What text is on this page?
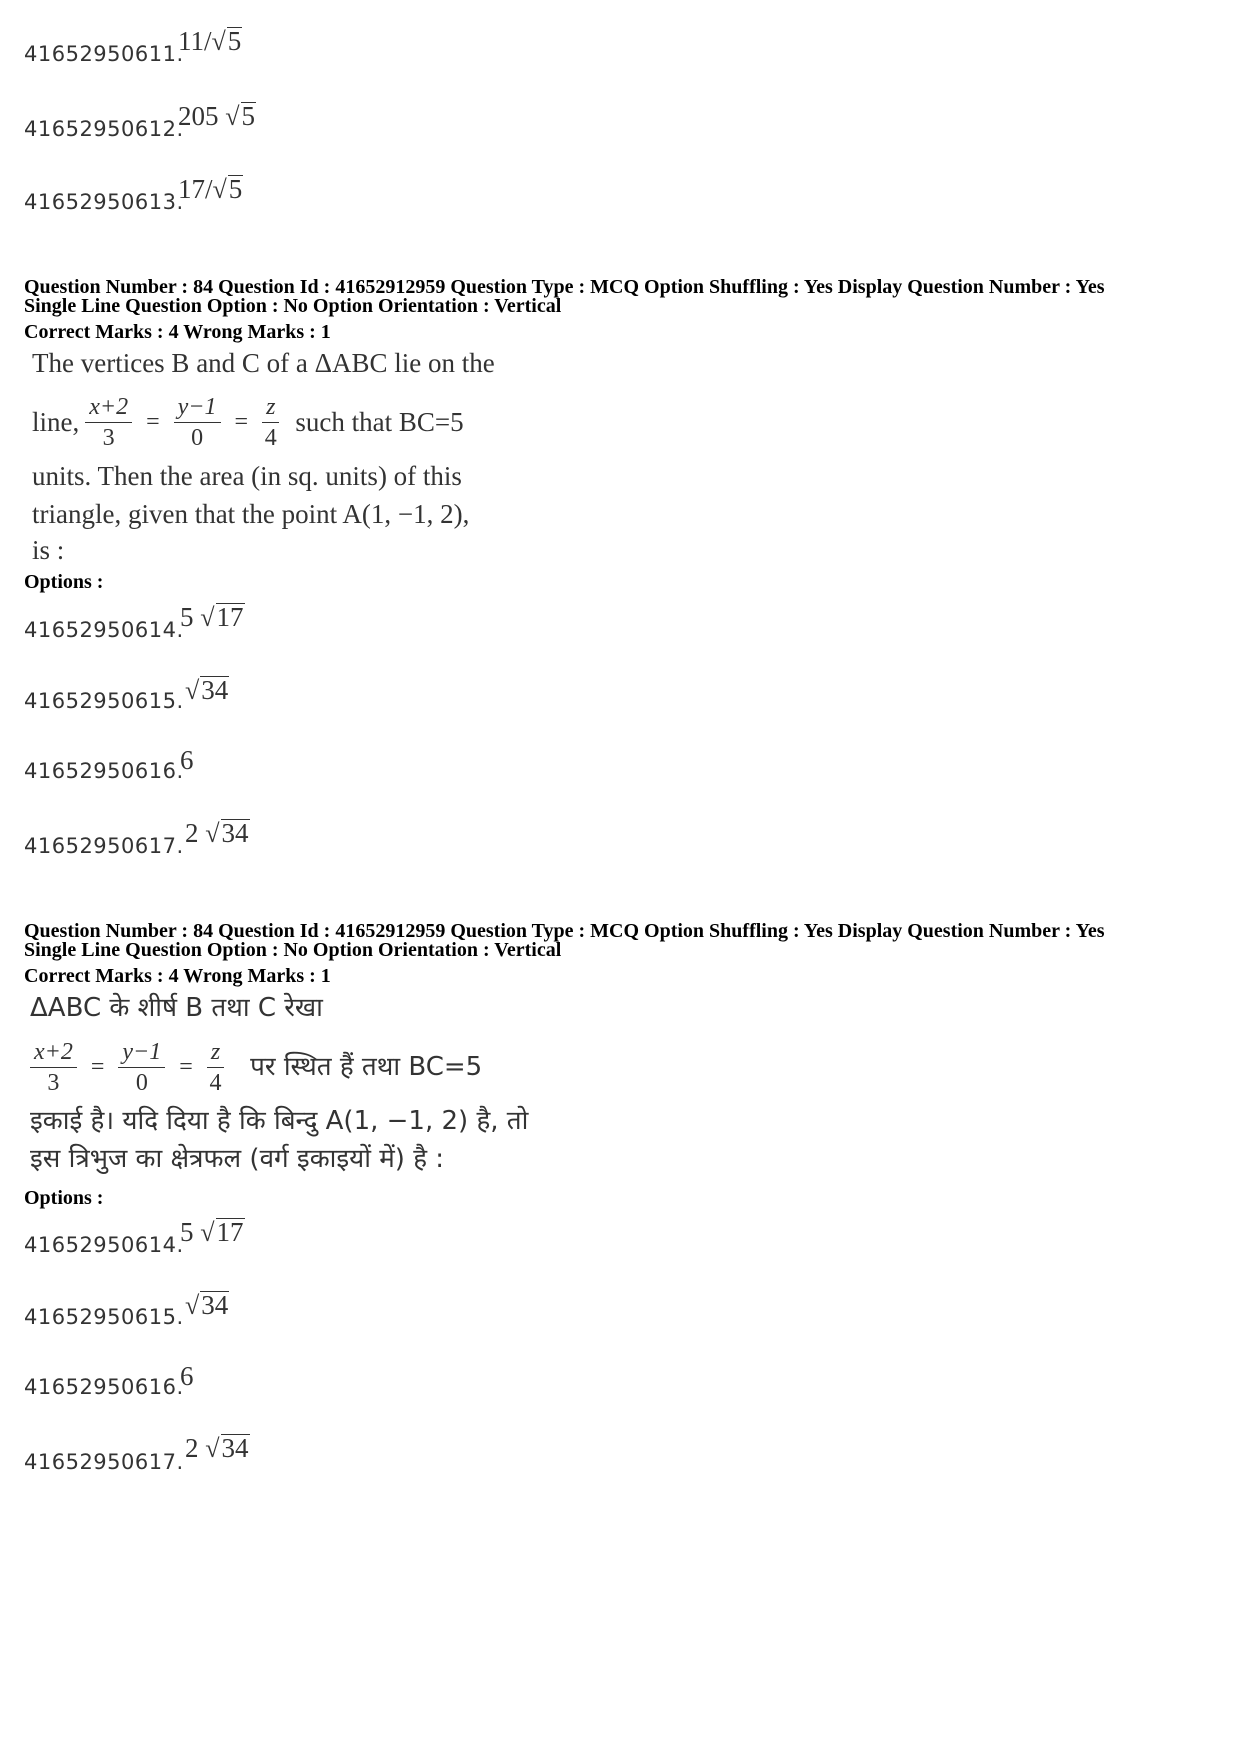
41652950611.
11/√5
41652950612.
205 √5
41652950613.
17/√5
Question Number : 84 Question Id : 41652912959 Question Type : MCQ Option Shuffling : Yes Display Question Number : Yes
Single Line Question Option : No Option Orientation : Vertical
Correct Marks : 4 Wrong Marks : 1
The vertices B and C of a ΔABC lie on the
line, $\frac{x+2}{3} = \frac{y-1}{0} = \frac{z}{4}$ such that BC=5
units. Then the area (in sq. units) of this
triangle, given that the point A(1, −1, 2),
is :
Options :
41652950614.
5 √17
41652950615. √34
41652950616.
6
41652950617. 2 √34
Question Number : 84 Question Id : 41652912959 Question Type : MCQ Option Shuffling : Yes Display Question Number : Yes
Single Line Question Option : No Option Orientation : Vertical
Correct Marks : 4 Wrong Marks : 1
ΔABC के शीर्ष B तथा C रेखा
$\frac{x+2}{3} = \frac{y-1}{0} = \frac{z}{4}$ पर स्थित हैं तथा BC=5
इकाई है। यदि दिया है कि बिन्दु A(1, −1, 2) है, तो
इस त्रिभुज का क्षेत्रफल (वर्ग इकाइयों में) है :
Options :
41652950614.
5 √17
41652950615. √34
41652950616.
6
41652950617. 2 √34
